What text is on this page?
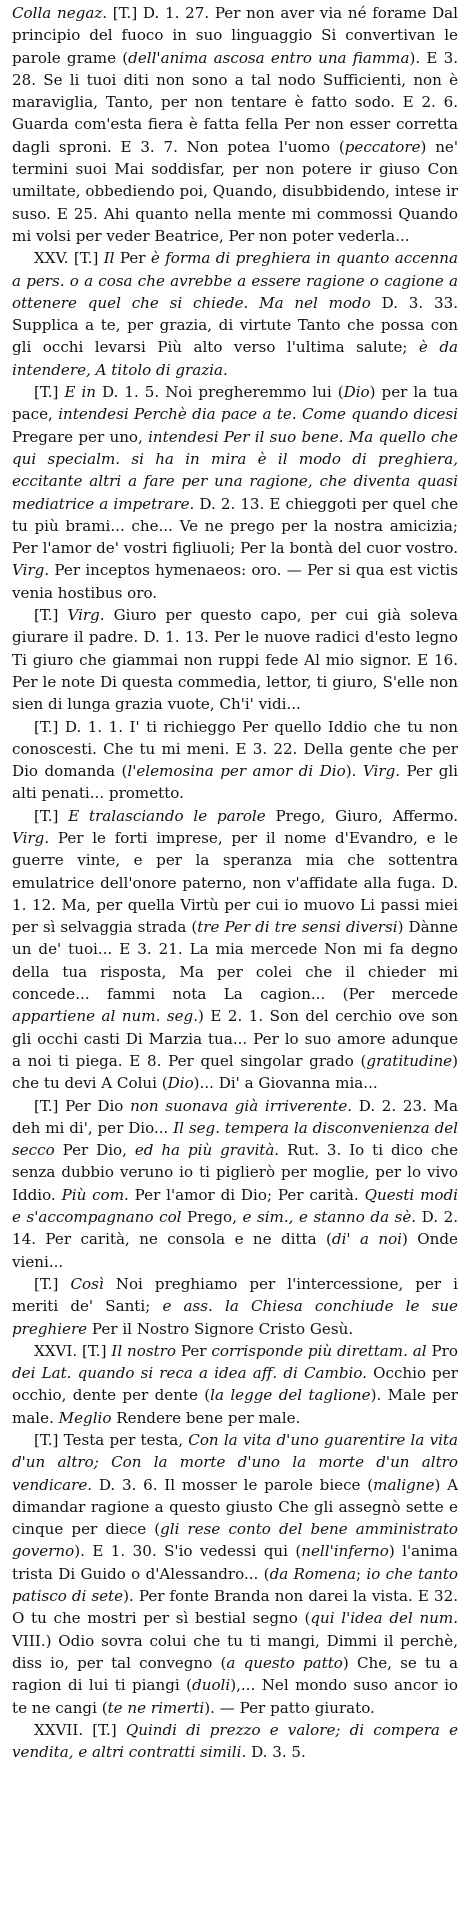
Colla negaz. [T.] D. 1. 27. Per non aver via né forame Dal principio del fuoco in suo linguaggio Si convertivan le parole grame (dell'anima ascosa entro una fiamma). E 3. 28. Se li tuoi diti non sono a tal nodo Sufficienti, non è maraviglia, Tanto, per non tentare è fatto sodo. E 2. 6. Guarda com'esta fiera è fatta fella Per non esser corretta dagli sproni. E 3. 7. Non potea l'uomo (peccatore) ne' termini suoi Mai soddisfar, per non potere ir giuso Con umiltate, obbediendo poi, Quando, disubbidendo, intese ir suso. E 25. Ahi quanto nella mente mi commossi Quando mi volsi per veder Beatrice, Per non poter vederla...

XXV. [T.] Il Per è forma di preghiera in quanto accenna a pers. o a cosa che avrebbe a essere ragione o cagione a ottenere quel che si chiede. Ma nel modo D. 3. 33. Supplica a te, per grazia, di virtute Tanto che possa con gli occhi levarsi Più alto verso l'ultima salute; è da intendere, A titolo di grazia.

[T.] E in D. 1. 5. Noi pregheremmo lui (Dio) per la tua pace, intendesi Perchè dia pace a te. Come quando dicesi Pregare per uno, intendesi Per il suo bene. Ma quello che qui specialm. si ha in mira è il modo di preghiera, eccitante altri a fare per una ragione, che diventa quasi mediatrice a impetrare. D. 2. 13. E chieggoti per quel che tu più brami... che... Ve ne prego per la nostra amicizia; Per l'amor de' vostri figliuoli; Per la bontà del cuor vostro. Virg. Per inceptos hymenaeos: oro. — Per si qua est victis venia hostibus oro.

[T.] Virg. Giuro per questo capo, per cui già soleva giurare il padre. D. 1. 13. Per le nuove radici d'esto legno Ti giuro che giammai non ruppi fede Al mio signor. E 16. Per le note Di questa commedia, lettor, ti giuro, S'elle non sien di lunga grazia vuote, Ch'i' vidi...

[T.] D. 1. 1. I' ti richieggo Per quello Iddio che tu non conoscesti. Che tu mi meni. E 3. 22. Della gente che per Dio domanda (l'elemosina per amor di Dio). Virg. Per gli alti penati... prometto.

[T.] E tralasciando le parole Prego, Giuro, Affermo. Virg. Per le forti imprese, per il nome d'Evandro, e le guerre vinte, e per la speranza mia che sottentra emulatrice dell'onore paterno, non v'affidate alla fuga. D. 1. 12. Ma, per quella Virtù per cui io muovo Li passi miei per sì selvaggia strada (tre Per di tre sensi diversi) Dànne un de' tuoi... E 3. 21. La mia mercede Non mi fa degno della tua risposta, Ma per colei che il chieder mi concede... fammi nota La cagion... (Per mercede appartiene al num. seg.) E 2. 1. Son del cerchio ove son gli occhi casti Di Marzia tua... Per lo suo amore adunque a noi ti piega. E 8. Per quel singolar grado (gratitudine) che tu devi A Colui (Dio)... Di' a Giovanna mia...

[T.] Per Dio non suonava già irriverente. D. 2. 23. Ma deh mi di', per Dio... Il seg. tempera la disconvenienza del secco Per Dio, ed ha più gravità. Rut. 3. Io ti dico che senza dubbio veruno io ti piglierò per moglie, per lo vivo Iddio. Più com. Per l'amor di Dio; Per carità. Questi modi e s'accompagnano col Prego, e sim., e stanno da sè. D. 2. 14. Per carità, ne consola e ne ditta (di' a noi) Onde vieni...

[T.] Così Noi preghiamo per l'intercessione, per i meriti de' Santi; e ass. la Chiesa conchiude le sue preghiere Per il Nostro Signore Cristo Gesù.

XXVI. [T.] Il nostro Per corrisponde più direttam. al Pro dei Lat. quando si reca a idea aff. di Cambio. Occhio per occhio, dente per dente (la legge del taglione). Male per male. Meglio Rendere bene per male.

[T.] Testa per testa, Con la vita d'uno guarentire la vita d'un altro; Con la morte d'uno la morte d'un altro vendicare. D. 3. 6. Il mosser le parole biece (maligne) A dimandar ragione a questo giusto Che gli assegnò sette e cinque per diece (gli rese conto del bene amministrato governo). E 1. 30. S'io vedessi qui (nell'inferno) l'anima trista Di Guido o d'Alessandro... (da Romena; io che tanto patisco di sete). Per fonte Branda non darei la vista. E 32. O tu che mostri per sì bestial segno (qui l'idea del num. VIII.) Odio sovra colui che tu ti mangi, Dimmi il perchè, diss io, per tal convegno (a questo patto) Che, se tu a ragion di lui ti piangi (duoli),... Nel mondo suso ancor io te ne cangi (te ne rimerti). — Per patto giurato.

XXVII. [T.] Quindi di prezzo e valore; di compera e vendita, e altri contratti simili. D. 3. 5.
